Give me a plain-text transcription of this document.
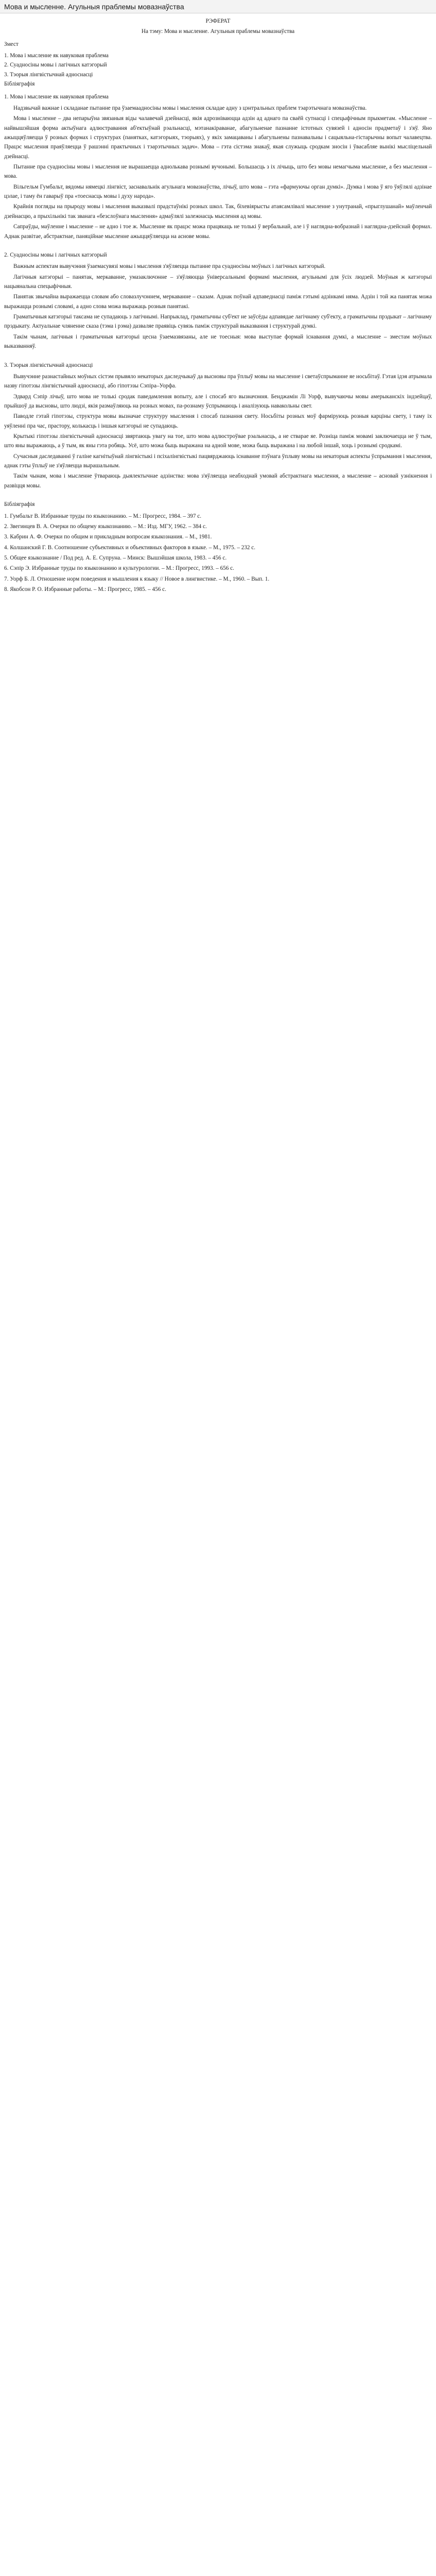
Мова и мысленне. Агульныя праблемы мовазнаўства

РЭФЕРАТ

На тэму: Мова и мысленне. Агульныя праблемы мовазнаўства

Змест

1. Мова і мысленне як навуковая праблема
2. Суадносіны мовы і лагічных катэгорый
3. Тэорыя лінгвістычнай адноснасці
Бібліяграфія

1. Мова і мысленне як навуковая праблема

Надзвычай важнае і складанае пытанне пра ўзаемаадносіны мовы і мыслення складае адну з цэнтральных праблем тэарэтычнага мовазнаўства.

Мова і мысленне – два непарыўна звязаныя віды чалавечай дзейнасці, якія адрозніваюцца адзін ад аднаго па сваёй сутнасці і спецыфічным прыкметам. «Мысленне – найвышэйшая форма актыўнага адлюстравання аб'ектыўнай рэальнасці, мэтанакіраванае, абагульненае пазнанне істотных сувязей і адносін прадметаў і з'яў. Яно ажыццяўляецца ў розных формах і структурах (панятках, катэгорыях, тэорыях), у якіх замацаваны і абагульнены пазнавальны і сацыяльна-гістарычны вопыт чалавецтва. Працэс мыслення праяўляецца ў рашэнні практычных і тэарэтычных задач». Мова – гэта сістэма знакаў, якая служыць сродкам зносін і ўвасабляе вынікі мысліцельнай дзейнасці.

Пытанне пра суадносіны мовы і мыслення не вырашаецца аднолькава рознымі вучонымі. Большасць з іх лічыць, што без мовы немагчыма мысленне, а без мыслення – мова.

Вільгельм Гумбальт, вядомы нямецкі лінгвіст, заснавальнік агульнага мовазнаўства, лічыў, што мова – гэта «фармуючы орган думкі». Думка і мова ў яго ўяўлялі адзінае цэлае, і таму ён гаварыў пра «тоеснасць мовы і духу народа».

Крайнія погляды на прыроду мовы і мыслення выказвалі прадстаўнікі розных школ. Так, біхевіярысты атаясамлівалі мысленне з унутранай, «прыглушанай» маўленчай дзейнасцю, а прыхільнікі так званага «безслоўнага мыслення» адмаўлялі залежнасць мыслення ад мовы.

Сапраўды, маўленне і мысленне – не адно і тое ж. Мысленне як працэс можа працякаць не толькі ў вербальнай, але і ў наглядна-вобразнай і наглядна-дзейснай формах. Аднак развітае, абстрактнае, паняційнае мысленне ажыццяўляецца на аснове мовы.

2. Суадносіны мовы і лагічных катэгорый

Важным аспектам вывучэння ўзаемасувязі мовы і мыслення з'яўляецца пытанне пра суадносіны моўных і лагічных катэгорый.

Лагічныя катэгорыі – панятак, меркаванне, умазаключэнне – з'яўляюцца ўніверсальнымі формамі мыслення, агульнымі для ўсіх людзей. Моўныя ж катэгорыі нацыянальна спецыфічныя.

Панятак звычайна выражаецца словам або словазлучэннем, меркаванне – сказам. Аднак поўнай адпаведнасці паміж гэтымі адзінкамі няма. Адзін і той жа панятак можа выражацца рознымі словамі, а адно слова можа выражаць розныя панятакі.

Граматычныя катэгорыі таксама не супадаюць з лагічнымі. Напрыклад, граматычны суб'ект не заўсёды адпавядае лагічнаму суб'екту, а граматычны прэдыкат – лагічнаму прэдыкату. Актуальнае чляненне сказа (тэма і рэма) дазваляе праявіць сувязь паміж структурай выказвання і структурай думкі.

Такім чынам, лагічныя і граматычныя катэгорыі цесна ўзаемазвязаны, але не тоесныя: мова выступае формай існавання думкі, а мысленне – зместам моўных выказванняў.

3. Тэорыя лінгвістычнай адноснасці

Вывучэнне разнастайных моўных сістэм прывяло некаторых даследчыкаў да высновы пра ўплыў мовы на мысленне і светаўспрыманне яе носьбітаў. Гэтая ідэя атрымала назву гіпотэзы лінгвістычнай адноснасці, або гіпотэзы Сэпіра–Уорфа.

Эдвард Сэпір лічыў, што мова не толькі сродак паведамлення вопыту, але і спосаб яго вызначэння. Бенджамін Лі Уорф, вывучаючы мовы амерыканскіх індзейцаў, прыйшоў да высновы, што людзі, якія размаўляюць на розных мовах, па-рознаму ўспрымаюць і аналізуюць навакольны свет.

Паводле гэтай гіпотэзы, структура мовы вызначае структуру мыслення і спосаб пазнання свету. Носьбіты розных моў фарміруюць розныя карціны свету, і таму іх уяўленні пра час, прастору, колькасць і іншыя катэгорыі не супадаюць.

Крытыкі гіпотэзы лінгвістычнай адноснасці звяртаюць увагу на тое, што мова адлюстроўвае рэальнасць, а не стварае яе. Розніца паміж мовамі заключаецца не ў тым, што яны выражаюць, а ў тым, як яны гэта робяць. Усё, што можа быць выражана на адной мове, можа быць выражана і на любой іншай, хоць і рознымі сродкамі.

Сучасныя даследаванні ў галіне кагнітыўнай лінгвістыкі і псіхалінгвістыкі пацвярджаюць існаванне пэўнага ўплыву мовы на некаторыя аспекты ўспрымання і мыслення, аднак гэты ўплыў не з'яўляецца вырашальным.

Такім чынам, мова і мысленне ўтвараюць дыялектычнае адзінства: мова з'яўляецца неабходнай умовай абстрактнага мыслення, а мысленне – асновай узнікнення і развіцця мовы.

Бібліяграфія

1. Гумбальт В. Избранные труды по языкознанию. – М.: Прогресс, 1984. – 397 с.
2. Звегинцев В. А. Очерки по общему языкознанию. – М.: Изд. МГУ, 1962. – 384 с.
3. Кабрин А. Ф. Очерки по общим и прикладным вопросам языкознания. – М., 1981.
4. Колшанский Г. В. Соотношение субъективных и объективных факторов в языке. – М., 1975. – 232 с.
5. Общее языкознание / Под ред. А. Е. Супруна. – Минск: Вышэйшая школа, 1983. – 456 с.
6. Сэпір Э. Избранные труды по языкознанию и культурологии. – М.: Прогресс, 1993. – 656 с.
7. Уорф Б. Л. Отношение норм поведения и мышления к языку // Новое в лингвистике. – М., 1960. – Вып. 1.
8. Якобсон Р. О. Избранные работы. – М.: Прогресс, 1985. – 456 с.
